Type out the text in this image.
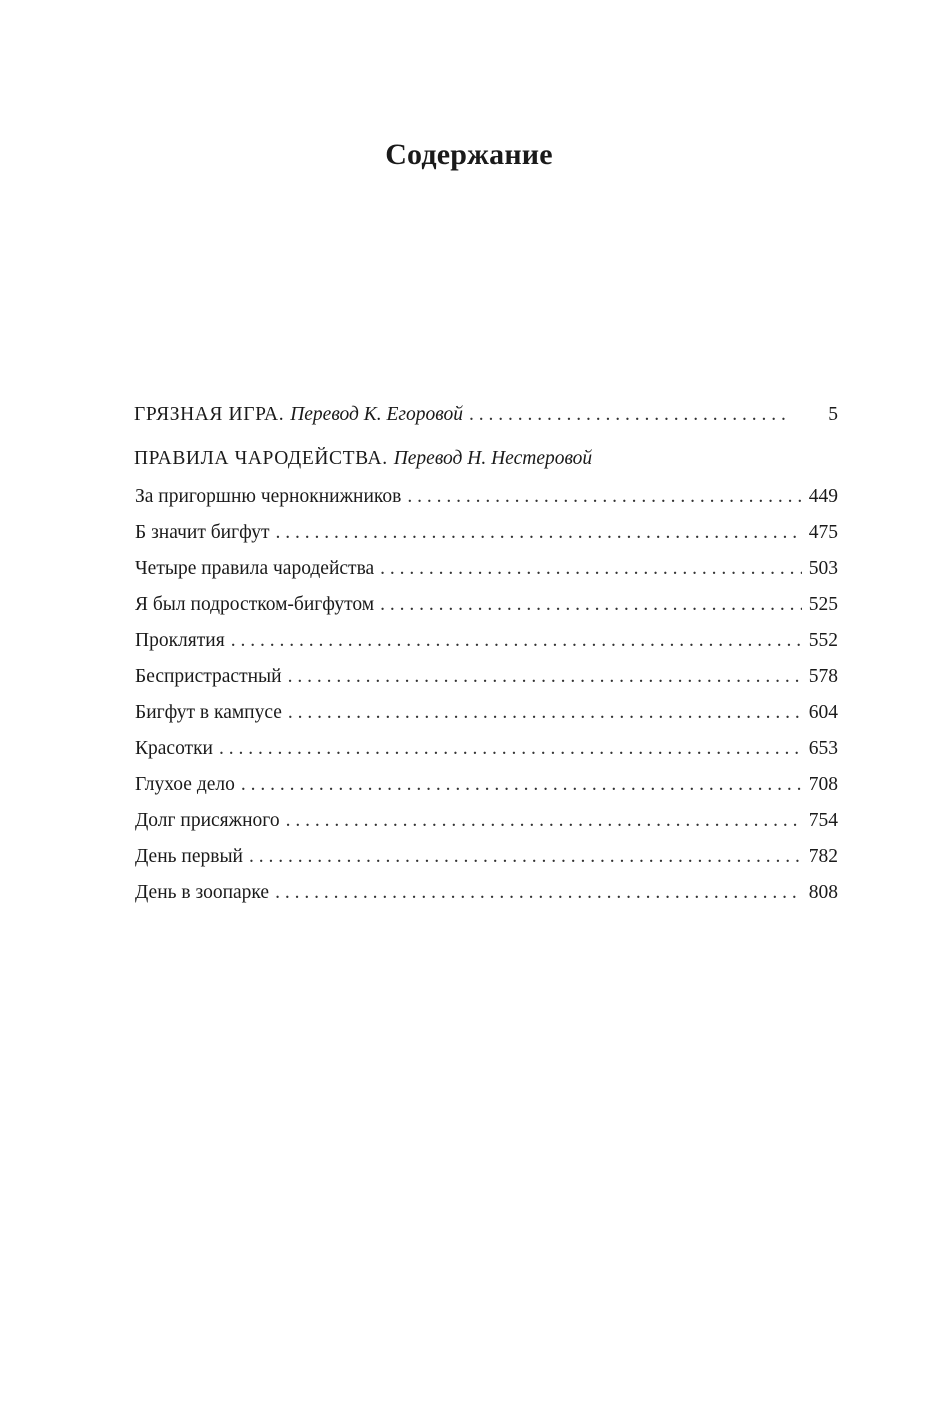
Содержание
ГРЯЗНАЯ ИГРА. Перевод К. Егоровой . . .	5
ПРАВИЛА ЧАРОДЕЙСТВА. Перевод Н. Нестеровой
За пригоршню чернокнижников . . .	449
Б значит бигфут . . .	475
Четыре правила чародейства . . .	503
Я был подростком-бигфутом . . .	525
Проклятия . . .	552
Беспристрастный . . .	578
Бигфут в кампусе . . .	604
Красотки . . .	653
Глухое дело . . .	708
Долг присяжного . . .	754
День первый . . .	782
День в зоопарке . . .	808
